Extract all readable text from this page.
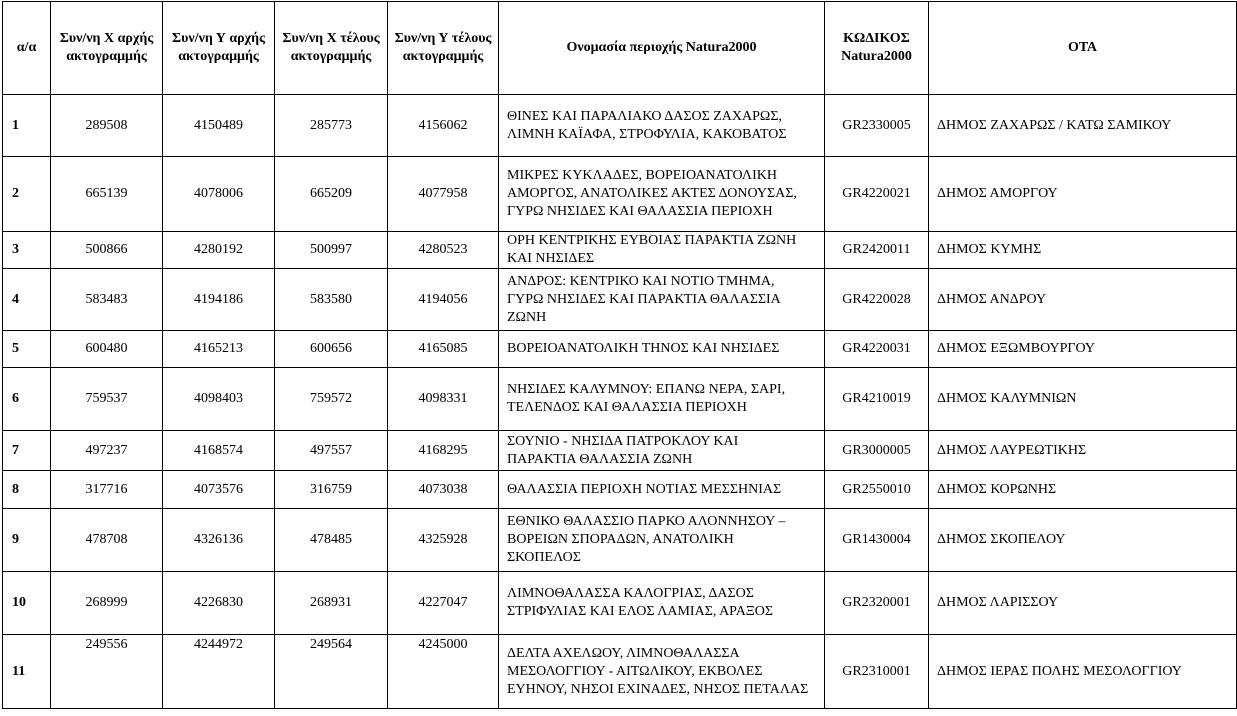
α/α	Συν/νη Χ αρχής ακτογραμμής	Συν/νη Υ αρχής ακτογραμμής	Συν/νη Χ τέλους ακτογραμμής	Συν/νη Υ τέλους ακτογραμμής	Ονομασία περιοχής Natura2000	ΚΩΔΙΚΟΣ Natura2000	ΟΤΑ
1	289508	4150489	285773	4156062	ΘΙΝΕΣ ΚΑΙ ΠΑΡΑΛΙΑΚΟ ΔΑΣΟΣ ΖΑΧΑΡΩΣ, ΛΙΜΝΗ ΚΑΪΑΦΑ, ΣΤΡΟΦΥΛΙΑ, ΚΑΚΟΒΑΤΟΣ	GR2330005	ΔΗΜΟΣ ΖΑΧΑΡΩΣ / ΚΑΤΩ ΣΑΜΙΚΟΥ
2	665139	4078006	665209	4077958	ΜΙΚΡΕΣ ΚΥΚΛΑΔΕΣ, ΒΟΡΕΙΟΑΝΑΤΟΛΙΚΗ ΑΜΟΡΓΟΣ, ΑΝΑΤΟΛΙΚΕΣ ΑΚΤΕΣ ΔΟΝΟΥΣΑΣ, ΓΥΡΩ ΝΗΣΙΔΕΣ ΚΑΙ ΘΑΛΑΣΣΙΑ ΠΕΡΙΟΧΗ	GR4220021	ΔΗΜΟΣ ΑΜΟΡΓΟΥ
3	500866	4280192	500997	4280523	ΟΡΗ ΚΕΝΤΡΙΚΗΣ ΕΥΒΟΙΑΣ ΠΑΡΑΚΤΙΑ ΖΩΝΗ ΚΑΙ ΝΗΣΙΔΕΣ	GR2420011	ΔΗΜΟΣ ΚΥΜΗΣ
4	583483	4194186	583580	4194056	ΑΝΔΡΟΣ: ΚΕΝΤΡΙΚΟ ΚΑΙ ΝΟΤΙΟ ΤΜΗΜΑ, ΓΥΡΩ ΝΗΣΙΔΕΣ ΚΑΙ ΠΑΡΑΚΤΙΑ ΘΑΛΑΣΣΙΑ ΖΩΝΗ	GR4220028	ΔΗΜΟΣ ΑΝΔΡΟΥ
5	600480	4165213	600656	4165085	ΒΟΡΕΙΟΑΝΑΤΟΛΙΚΗ ΤΗΝΟΣ ΚΑΙ ΝΗΣΙΔΕΣ	GR4220031	ΔΗΜΟΣ ΕΞΩΜΒΟΥΡΓΟΥ
6	759537	4098403	759572	4098331	ΝΗΣΙΔΕΣ ΚΑΛΥΜΝΟΥ: ΕΠΑΝΩ ΝΕΡΑ, ΣΑΡΙ, ΤΕΛΕΝΔΟΣ ΚΑΙ ΘΑΛΑΣΣΙΑ ΠΕΡΙΟΧΗ	GR4210019	ΔΗΜΟΣ ΚΑΛΥΜΝΙΩΝ
7	497237	4168574	497557	4168295	ΣΟΥΝΙΟ - ΝΗΣΙΔΑ ΠΑΤΡΟΚΛΟΥ ΚΑΙ ΠΑΡΑΚΤΙΑ ΘΑΛΑΣΣΙΑ ΖΩΝΗ	GR3000005	ΔΗΜΟΣ ΛΑΥΡΕΩΤΙΚΗΣ
8	317716	4073576	316759	4073038	ΘΑΛΑΣΣΙΑ ΠΕΡΙΟΧΗ ΝΟΤΙΑΣ ΜΕΣΣΗΝΙΑΣ	GR2550010	ΔΗΜΟΣ ΚΟΡΩΝΗΣ
9	478708	4326136	478485	4325928	ΕΘΝΙΚΟ ΘΑΛΑΣΣΙΟ ΠΑΡΚΟ ΑΛΟΝΝΗΣΟΥ – ΒΟΡΕΙΩΝ ΣΠΟΡΑΔΩΝ, ΑΝΑΤΟΛΙΚΗ ΣΚΟΠΕΛΟΣ	GR1430004	ΔΗΜΟΣ ΣΚΟΠΕΛΟΥ
10	268999	4226830	268931	4227047	ΛΙΜΝΟΘΑΛΑΣΣΑ ΚΑΛΟΓΡΙΑΣ, ΔΑΣΟΣ ΣΤΡΙΦΥΛΙΑΣ ΚΑΙ ΕΛΟΣ ΛΑΜΙΑΣ, ΑΡΑΞΟΣ	GR2320001	ΔΗΜΟΣ ΛΑΡΙΣΣΟΥ
11	249556	4244972	249564	4245000	ΔΕΛΤΑ ΑΧΕΛΩΟΥ, ΛΙΜΝΟΘΑΛΑΣΣΑ ΜΕΣΟΛΟΓΓΙΟΥ - ΑΙΤΩΛΙΚΟΥ, ΕΚΒΟΛΕΣ ΕΥΗΝΟΥ, ΝΗΣΟΙ ΕΧΙΝΑΔΕΣ, ΝΗΣΟΣ ΠΕΤΑΛΑΣ	GR2310001	ΔΗΜΟΣ ΙΕΡΑΣ ΠΟΛΗΣ ΜΕΣΟΛΟΓΓΙΟΥ
